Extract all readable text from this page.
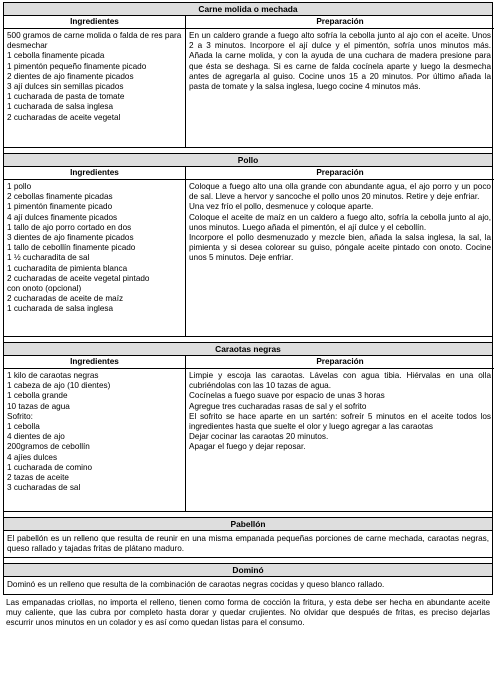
Carne molida o mechada
Ingredientes	Preparación
500 gramos de carne molida o falda de res para desmechar
1 cebolla finamente picada
1 pimentón pequeño finamente picado
2 dientes de ajo finamente picados
3 ají dulces sin semillas picados
1 cucharada de pasta de tomate
1 cucharada de salsa inglesa
2 cucharadas de aceite vegetal
En un caldero grande a fuego alto sofría la cebolla junto al ajo con el aceite. Unos 2 a 3 minutos. Incorpore el ají dulce y el pimentón, sofría unos minutos más. Añada la carne molida, y con la ayuda de una cuchara de madera presione para que ésta se deshaga. Si es carne de falda cocínela aparte y luego la desmecha antes de agregarla al guiso. Cocine unos 15 a 20 minutos. Por último añada la pasta de tomate y la salsa inglesa, luego cocine 4 minutos más.
Pollo
Ingredientes	Preparación
1 pollo
2 cebollas finamente picadas
1 pimentón finamente picado
4 ají dulces finamente picados
1 tallo de ajo porro cortado en dos
3 dientes de ajo finamente picados
1 tallo de cebollín finamente picado
1 ½ cucharadita de sal
1 cucharadita de pimienta blanca
2 cucharadas de aceite vegetal pintado
con onoto (opcional)
2 cucharadas de aceite de maíz
1 cucharada de salsa inglesa
Coloque a fuego alto una olla grande con abundante agua, el ajo porro y un poco de sal. Lleve a hervor y sancoche el pollo unos 20 minutos. Retire y deje enfriar.
Una vez frío el pollo, desmenuce y coloque aparte.
Coloque el aceite de maíz en un caldero a fuego alto, sofría la cebolla junto al ajo, unos minutos. Luego añada el pimentón, el ají dulce y el cebollín.
Incorpore el pollo desmenuzado y mezcle bien, añada la salsa inglesa, la sal, la pimienta y si desea colorear su guiso, póngale aceite pintado con onoto. Cocine unos 5 minutos. Deje enfriar.
Caraotas negras
Ingredientes	Preparación
1 kilo de caraotas negras
1 cabeza de ajo (10 dientes)
1 cebolla grande
10 tazas de agua
Sofrito:
1 cebolla
4 dientes de ajo
200gramos de cebollín
4 ajíes dulces
1 cucharada de comino
2 tazas de aceite
3 cucharadas de sal
Limpie y escoja las caraotas. Lávelas con agua tibia. Hiérvalas en una olla cubriéndolas con las 10 tazas de agua.
Cocínelas a fuego suave por espacio de unas 3 horas
Agregue tres cucharadas rasas de sal y el sofrito
El sofrito se hace aparte en un sartén: sofreír 5 minutos en el aceite todos los ingredientes hasta que suelte el olor y luego agregar a las caraotas
Dejar cocinar las caraotas 20 minutos.
Apagar el fuego y dejar reposar.
Pabellón
El pabellón es un relleno que resulta de reunir en una misma empanada pequeñas porciones de carne mechada, caraotas negras, queso rallado y tajadas fritas de plátano maduro.
Dominó
Dominó es un relleno que resulta de la combinación de caraotas negras cocidas y queso blanco rallado.
Las empanadas criollas, no importa el relleno, tienen como forma de cocción la fritura, y esta debe ser hecha en abundante aceite muy caliente, que las cubra por completo hasta dorar y quedar crujientes. No olvidar que después de fritas, es preciso dejarlas escurrir unos minutos en un colador y es así como quedan listas para el consumo.
